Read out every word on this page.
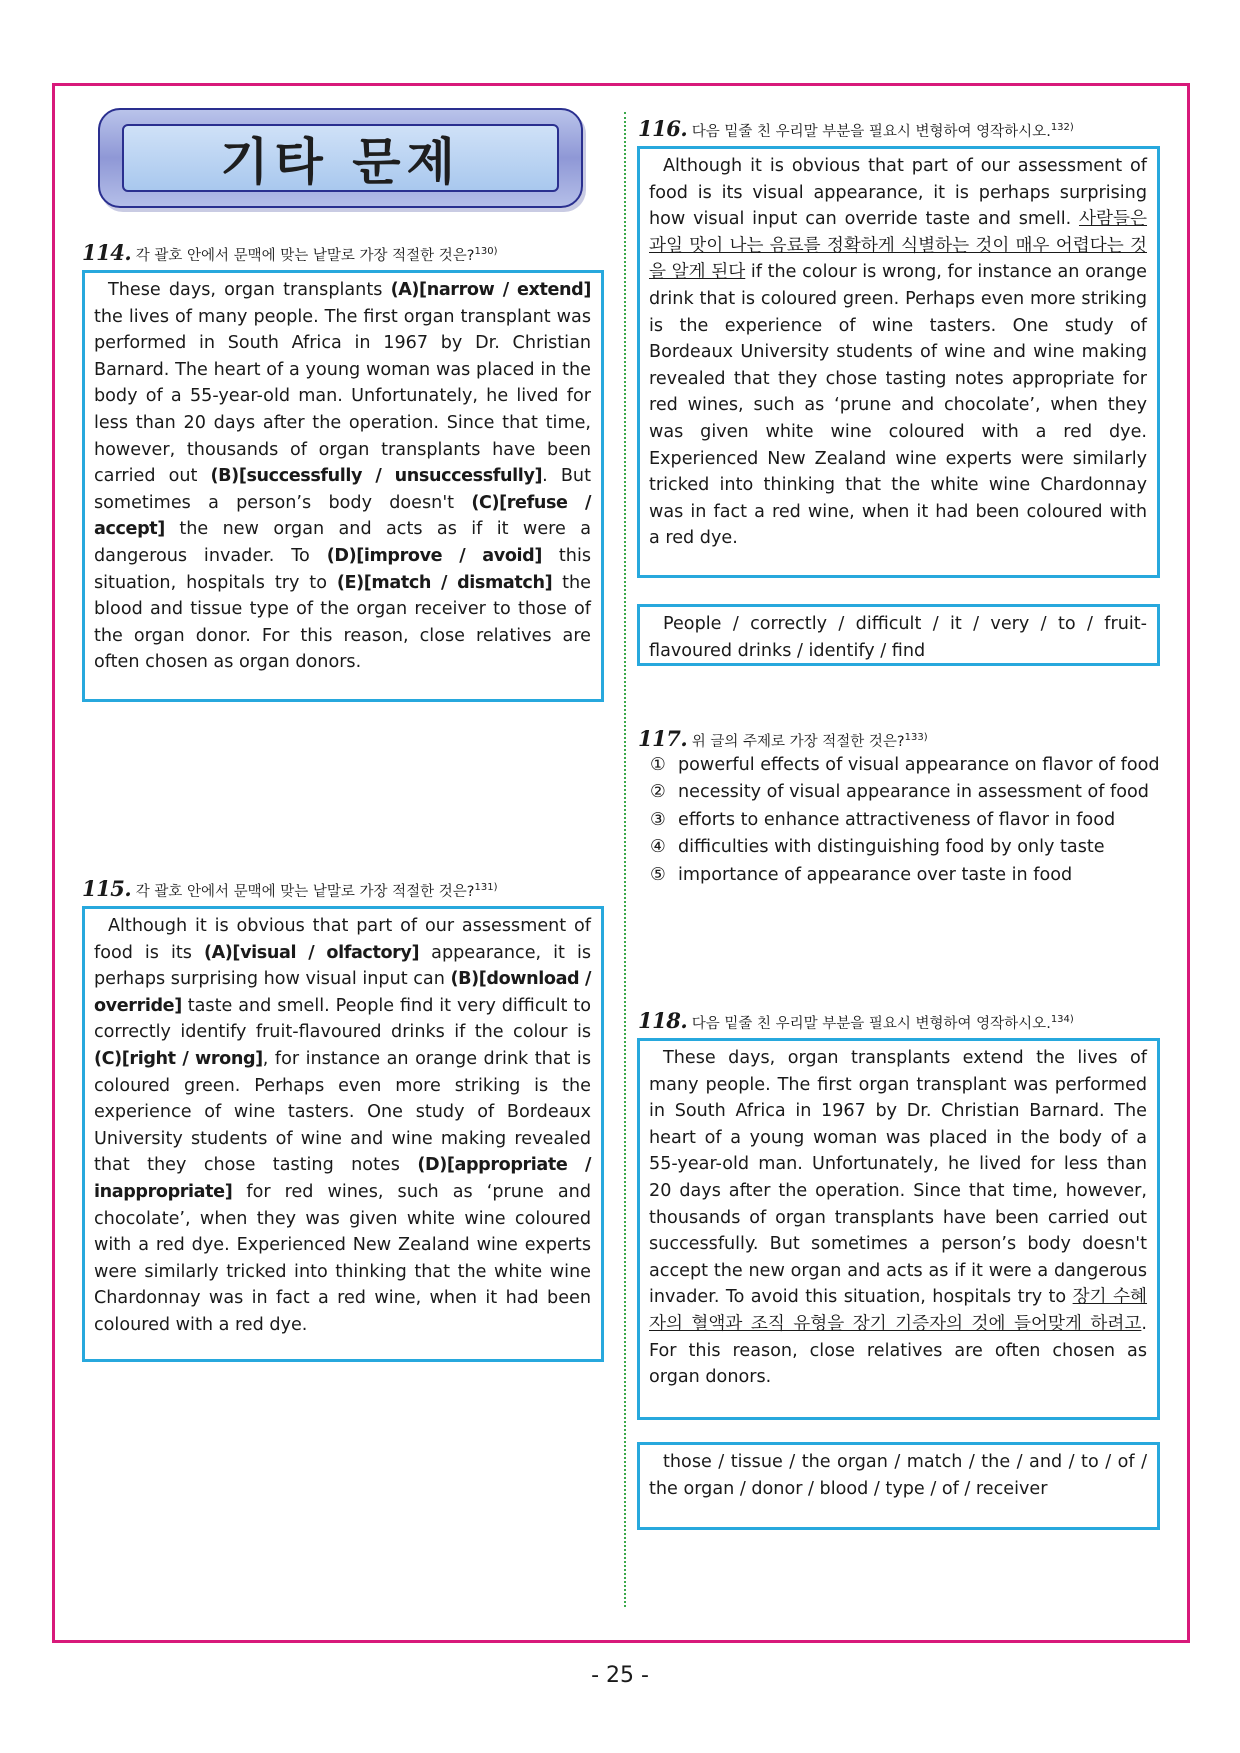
기타 문제
114. 각 괄호 안에서 문맥에 맞는 낱말로 가장 적절한 것은?$^{130)}$

These days, organ transplants (A)[narrow / extend] the lives of many people. The first organ transplant was performed in South Africa in 1967 by Dr. Christian Barnard. The heart of a young woman was placed in the body of a 55-year-old man. Unfortunately, he lived for less than 20 days after the operation. Since that time, however, thousands of organ transplants have been carried out (B)[successfully / unsuccessfully]. But sometimes a person’s body doesn't (C)[refuse / accept] the new organ and acts as if it were a dangerous invader. To (D)[improve / avoid] this situation, hospitals try to (E)[match / dismatch] the blood and tissue type of the organ receiver to those of the organ donor. For this reason, close relatives are often chosen as organ donors.

115. 각 괄호 안에서 문맥에 맞는 낱말로 가장 적절한 것은?$^{131)}$

Although it is obvious that part of our assessment of food is its (A)[visual / olfactory] appearance, it is perhaps surprising how visual input can (B)[download / override] taste and smell. People find it very difficult to correctly identify fruit-flavoured drinks if the colour is (C)[right / wrong], for instance an orange drink that is coloured green. Perhaps even more striking is the experience of wine tasters. One study of Bordeaux University students of wine and wine making revealed that they chose tasting notes (D)[appropriate / inappropriate] for red wines, such as ‘prune and chocolate’, when they was given white wine coloured with a red dye. Experienced New Zealand wine experts were similarly tricked into thinking that the white wine Chardonnay was in fact a red wine, when it had been coloured with a red dye.

116. 다음 밑줄 친 우리말 부분을 필요시 변형하여 영작하시오.$^{132)}$

Although it is obvious that part of our assessment of food is its visual appearance, it is perhaps surprising how visual input can override taste and smell. 사람들은 과일 맛이 나는 음료를 정확하게 식별하는 것이 매우 어렵다는 것을 알게 된다 if the colour is wrong, for instance an orange drink that is coloured green. Perhaps even more striking is the experience of wine tasters. One study of Bordeaux University students of wine and wine making revealed that they chose tasting notes appropriate for red wines, such as ‘prune and chocolate’, when they was given white wine coloured with a red dye. Experienced New Zealand wine experts were similarly tricked into thinking that the white wine Chardonnay was in fact a red wine, when it had been coloured with a red dye.

People / correctly / difficult / it / very / to / fruit-flavoured drinks / identify / find

117. 위 글의 주제로 가장 적절한 것은?$^{133)}$
① powerful effects of visual appearance on flavor of food
② necessity of visual appearance in assessment of food
③ efforts to enhance attractiveness of flavor in food
④ difficulties with distinguishing food by only taste
⑤ importance of appearance over taste in food
118. 다음 밑줄 친 우리말 부분을 필요시 변형하여 영작하시오.$^{134)}$

These days, organ transplants extend the lives of many people. The first organ transplant was performed in South Africa in 1967 by Dr. Christian Barnard. The heart of a young woman was placed in the body of a 55-year-old man. Unfortunately, he lived for less than 20 days after the operation. Since that time, however, thousands of organ transplants have been carried out successfully. But sometimes a person’s body doesn't accept the new organ and acts as if it were a dangerous invader. To avoid this situation, hospitals try to 장기 수혜자의 혈액과 조직 유형을 장기 기증자의 것에 들어맞게 하려고. For this reason, close relatives are often chosen as organ donors.

those / tissue / the organ / match / the / and / to / of / the organ / donor / blood / type / of / receiver

- 25 -
